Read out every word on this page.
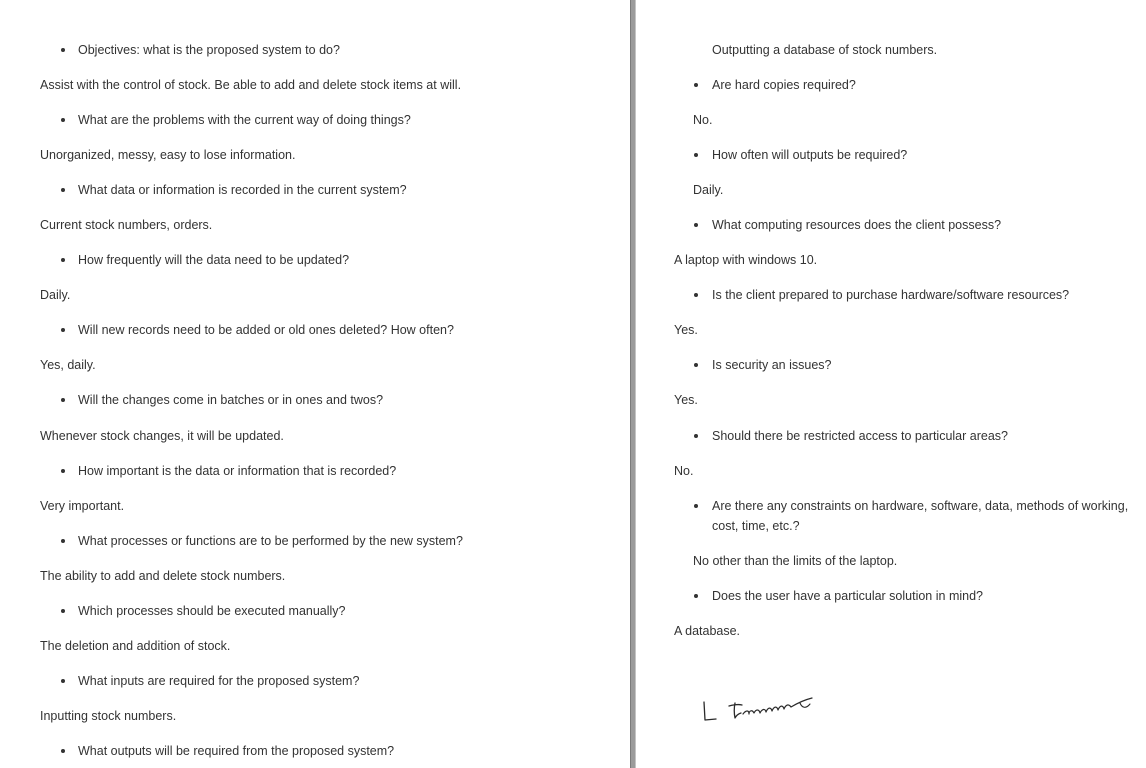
Objectives: what is the proposed system to do?
Assist with the control of stock. Be able to add and delete stock items at will.
What are the problems with the current way of doing things?
Unorganized, messy, easy to lose information.
What data or information is recorded in the current system?
Current stock numbers, orders.
How frequently will the data need to be updated?
Daily.
Will new records need to be added or old ones deleted? How often?
Yes, daily.
Will the changes come in batches or in ones and twos?
Whenever stock changes, it will be updated.
How important is the data or information that is recorded?
Very important.
What processes or functions are to be performed by the new system?
The ability to add and delete stock numbers.
Which processes should be executed manually?
The deletion and addition of stock.
What inputs are required for the proposed system?
Inputting stock numbers.
What outputs will be required from the proposed system?
Outputting a database of stock numbers.
Are hard copies required?
No.
How often will outputs be required?
Daily.
What computing resources does the client possess?
A laptop with windows 10.
Is the client prepared to purchase hardware/software resources?
Yes.
Is security an issues?
Yes.
Should there be restricted access to particular areas?
No.
Are there any constraints on hardware, software, data, methods of working,
cost, time, etc.?
No other than the limits of the laptop.
Does the user have a particular solution in mind?
A database.
